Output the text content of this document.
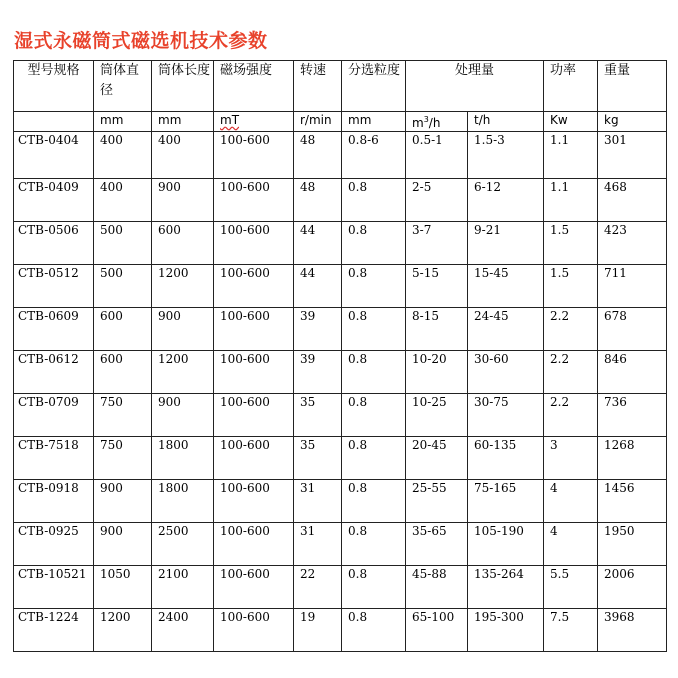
湿式永磁筒式磁选机技术参数
型号规格	筒体直径	筒体长度	磁场强度	转速	分选粒度	处理量		功率	重量
	mm	mm	mT	r/min	mm	$m^3/h$	t/h	Kw	kg
CTB-0404	400	400	100-600	48	0.8-6	0.5-1	1.5-3	1.1	301
CTB-0409	400	900	100-600	48	0.8	2-5	6-12	1.1	468
CTB-0506	500	600	100-600	44	0.8	3-7	9-21	1.5	423
CTB-0512	500	1200	100-600	44	0.8	5-15	15-45	1.5	711
CTB-0609	600	900	100-600	39	0.8	8-15	24-45	2.2	678
CTB-0612	600	1200	100-600	39	0.8	10-20	30-60	2.2	846
CTB-0709	750	900	100-600	35	0.8	10-25	30-75	2.2	736
CTB-7518	750	1800	100-600	35	0.8	20-45	60-135	3	1268
CTB-0918	900	1800	100-600	31	0.8	25-55	75-165	4	1456
CTB-0925	900	2500	100-600	31	0.8	35-65	105-190	4	1950
CTB-10521	1050	2100	100-600	22	0.8	45-88	135-264	5.5	2006
CTB-1224	1200	2400	100-600	19	0.8	65-100	195-300	7.5	3968
